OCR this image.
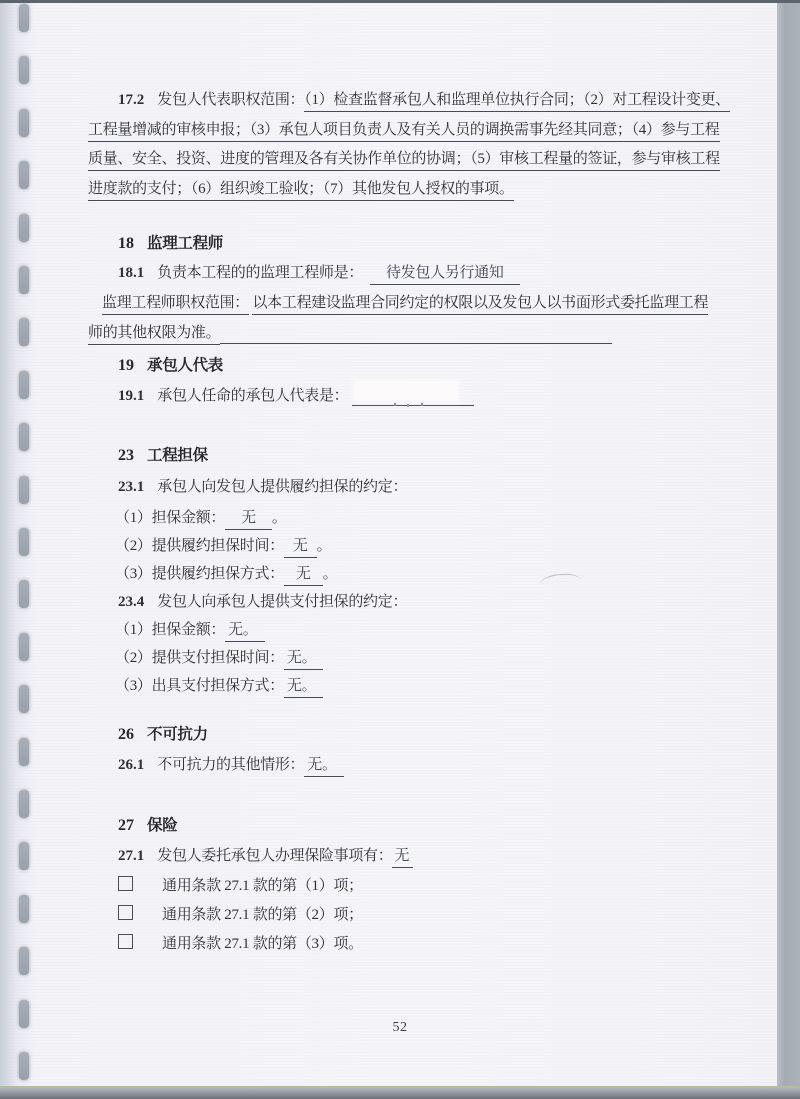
17.2 发包人代表职权范围：（1）检查监督承包人和监理单位执行合同；（2）对工程设计变更、
工程量增减的审核申报；（3）承包人项目负责人及有关人员的调换需事先经其同意；（4）参与工程
质量、安全、投资、进度的管理及各有关协作单位的协调；（5）审核工程量的签证，参与审核工程
进度款的支付；（6）组织竣工验收；（7）其他发包人授权的事项。
18 监理工程师
18.1 负责本工程的的监理工程师是： 待发包人另行通知
监理工程师职权范围： 以本工程建设监理合同约定的权限以及发包人以书面形式委托监理工程
师的其他权限为准。
19 承包人代表
19.1 承包人任命的承包人代表是：
23 工程担保
23.1 承包人向发包人提供履约担保的约定：
（1）担保金额： 无 。
（2）提供履约担保时间： 无 。
（3）提供履约担保方式： 无 。
23.4 发包人向承包人提供支付担保的约定：
（1）担保金额： 无。
（2）提供支付担保时间： 无。
（3）出具支付担保方式： 无。
26 不可抗力
26.1 不可抗力的其他情形： 无。
27 保险
27.1 发包人委托承包人办理保险事项有： 无
通用条款 27.1 款的第（1）项；
通用条款 27.1 款的第（2）项；
通用条款 27.1 款的第（3）项。
52
